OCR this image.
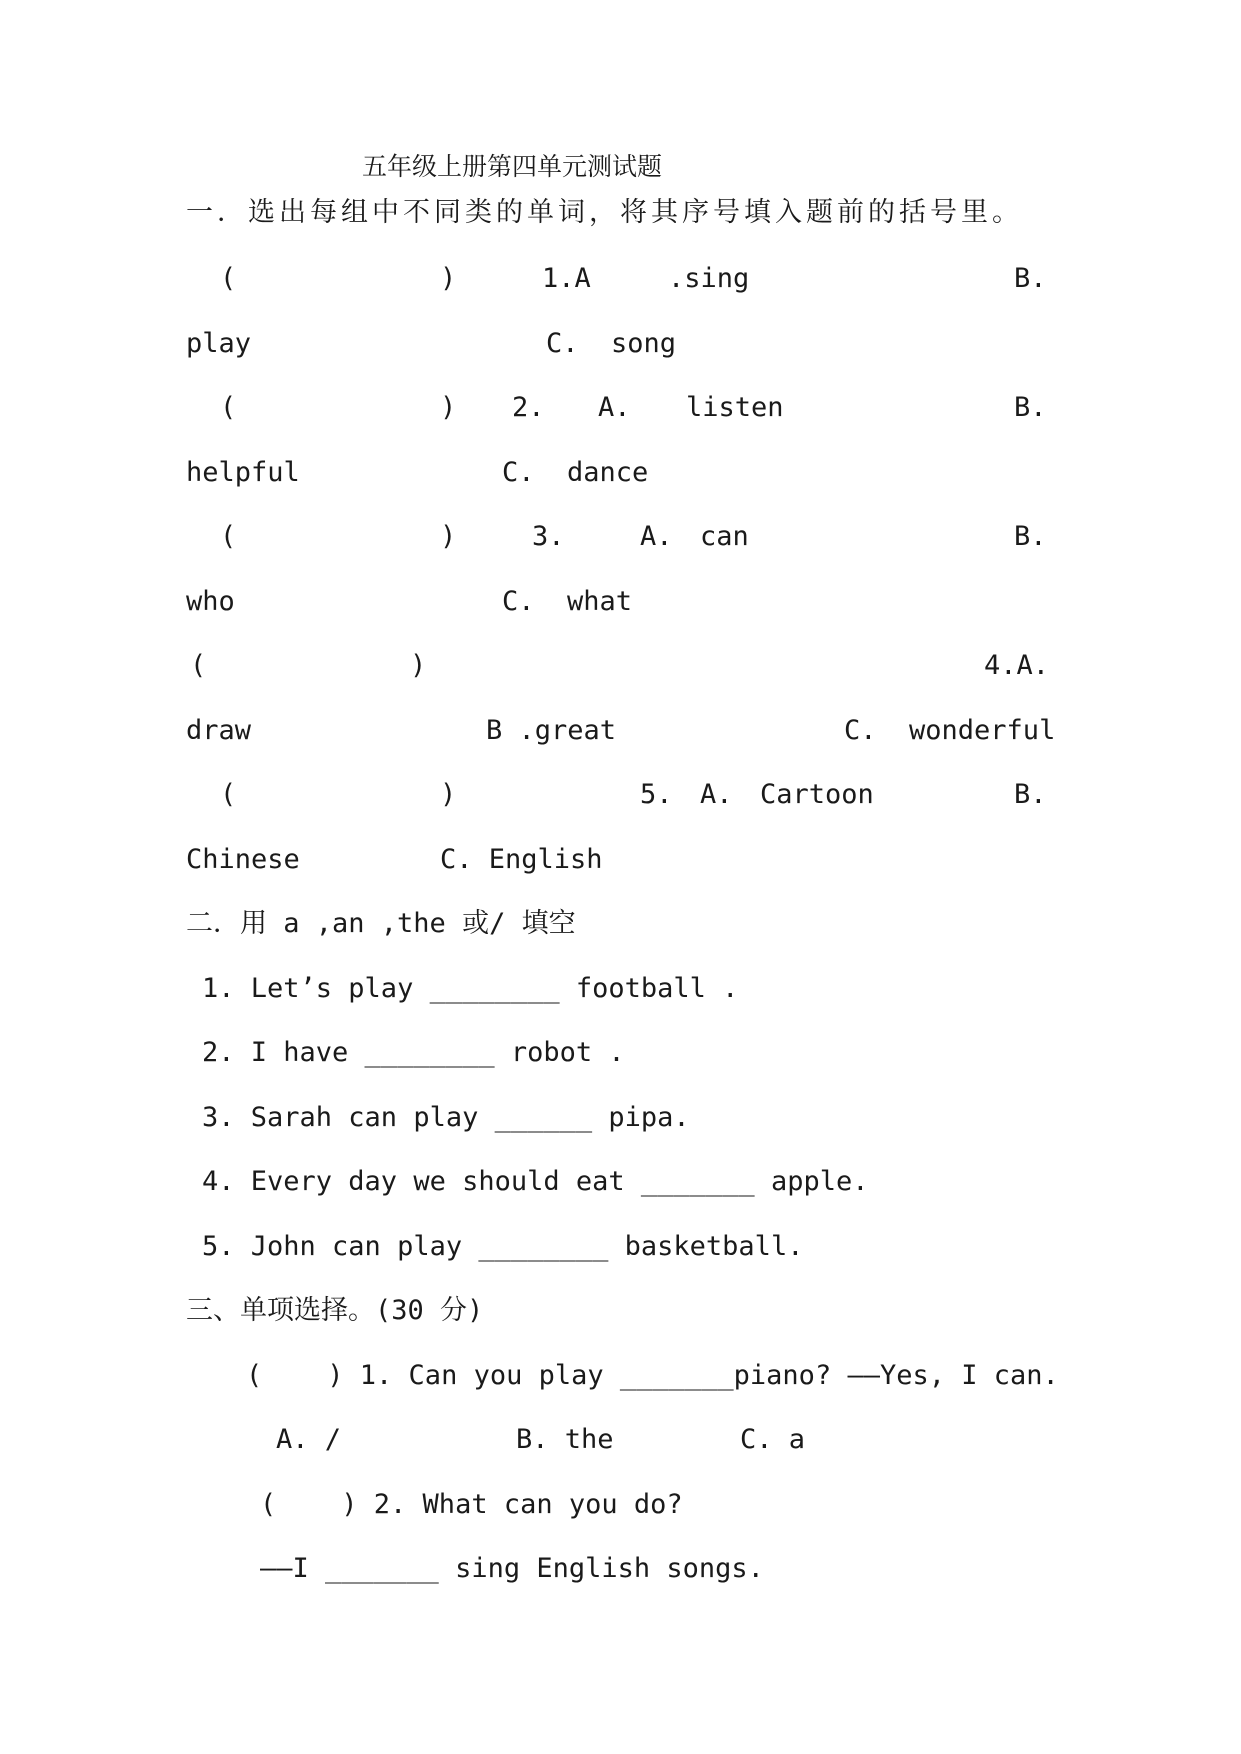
五年级上册第四单元测试题
一．选出每组中不同类的单词，将其序号填入题前的括号里。
(	)	1.A	.sing	B.
play	C.  song
(	) 2. A. listen	B.
helpful	C.  dance
(	)	3.	A. can	B.
who	C.  what
(	)	4.A.
draw	B .great	C.  wonderful
(	)	5. A. Cartoon	B.
Chinese	C. English
二．用 a ,an ,the 或/ 填空
1. Let’s play ________ football .
2. I have ________ robot .
3. Sarah can play ______ pipa.
4. Every day we should eat _______ apple.
5. John can play ________ basketball.
三、单项选择。(30 分)
(    ) 1. Can you play _______piano? ——Yes, I can.
A. /	B. the	C. a
(    ) 2. What can you do?
——I _______ sing English songs.
